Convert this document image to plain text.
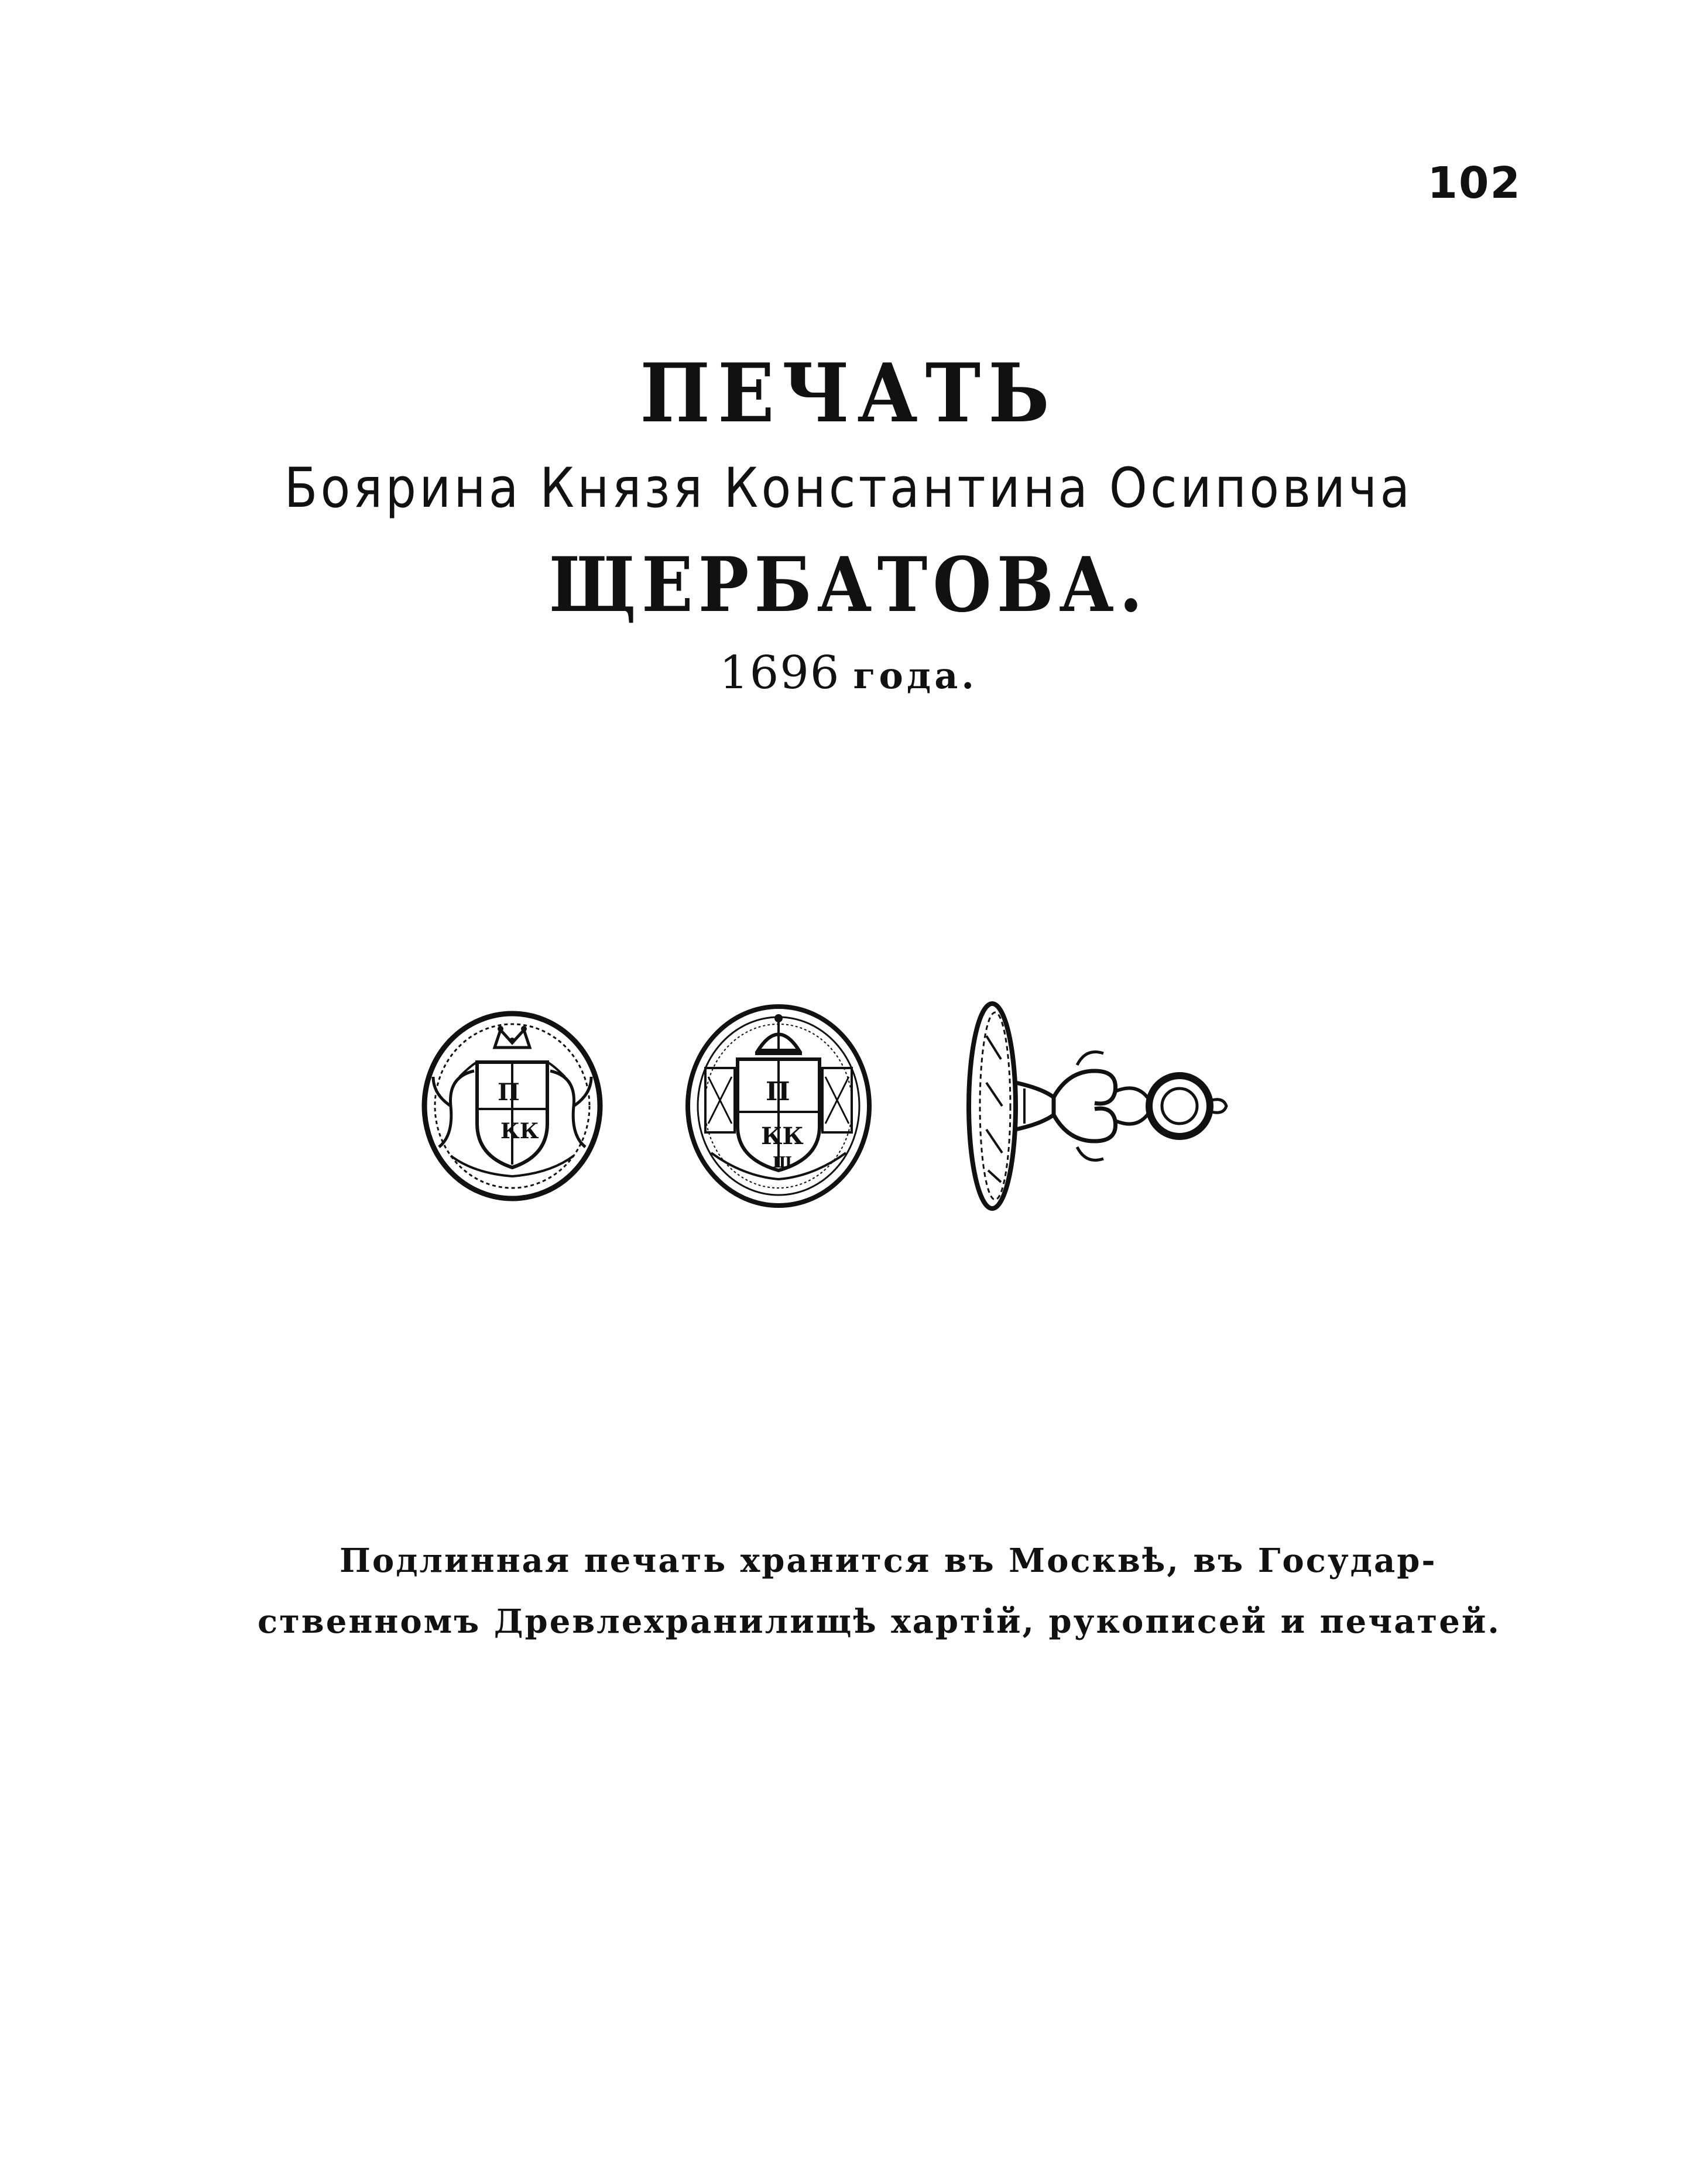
102
ПЕЧАТЬ
Боярина Князя Константина Осиповича
ЩЕРБАТОВА.
1696 года.
П
КК
П
КК
Ш
Подлинная печать хранится въ Москвѣ, въ Государ-
ственномъ Древлехранилищѣ хартій, рукописей и печатей.
